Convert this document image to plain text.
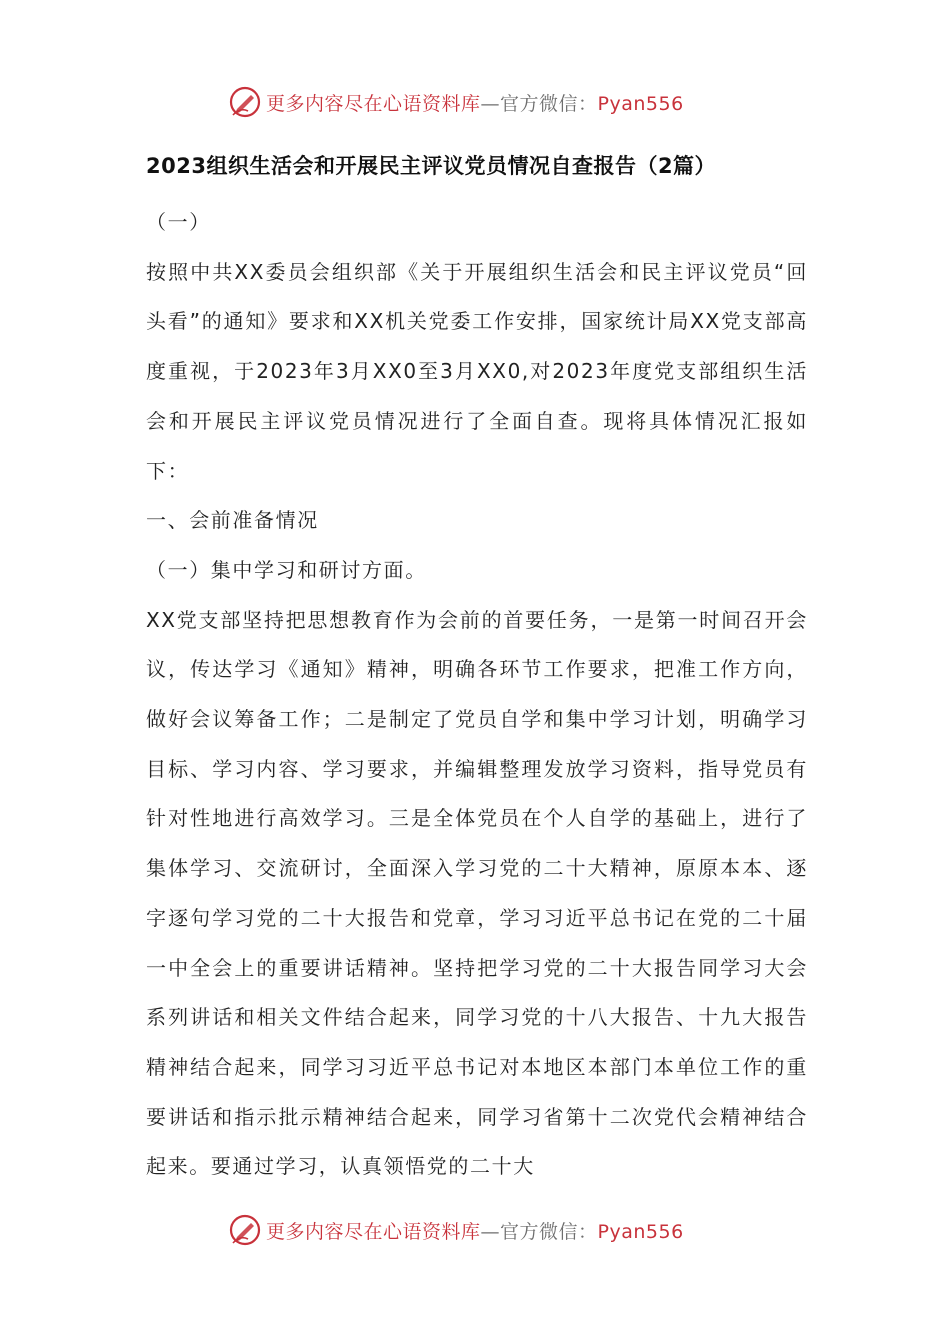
更多内容尽在心语资料库—官方微信：Pyan556
2023组织生活会和开展民主评议党员情况自查报告（2篇）

（一）

按照中共XX委员会组织部《关于开展组织生活会和民主评议党员“回头看”的通知》要求和XX机关党委工作安排，国家统计局XX党支部高度重视，于2023年3月XX0至3月XX0,对2023年度党支部组织生活会和开展民主评议党员情况进行了全面自查。现将具体情况汇报如下：

一、会前准备情况

（一）集中学习和研讨方面。

XX党支部坚持把思想教育作为会前的首要任务，一是第一时间召开会议，传达学习《通知》精神，明确各环节工作要求，把准工作方向，做好会议筹备工作；二是制定了党员自学和集中学习计划，明确学习目标、学习内容、学习要求，并编辑整理发放学习资料，指导党员有针对性地进行高效学习。三是全体党员在个人自学的基础上，进行了集体学习、交流研讨，全面深入学习党的二十大精神，原原本本、逐字逐句学习党的二十大报告和党章，学习习近平总书记在党的二十届一中全会上的重要讲话精神。坚持把学习党的二十大报告同学习大会系列讲话和相关文件结合起来，同学习党的十八大报告、十九大报告精神结合起来，同学习习近平总书记对本地区本部门本单位工作的重要讲话和指示批示精神结合起来，同学习省第十二次党代会精神结合起来。要通过学习，认真领悟党的二十大

更多内容尽在心语资料库—官方微信：Pyan556
